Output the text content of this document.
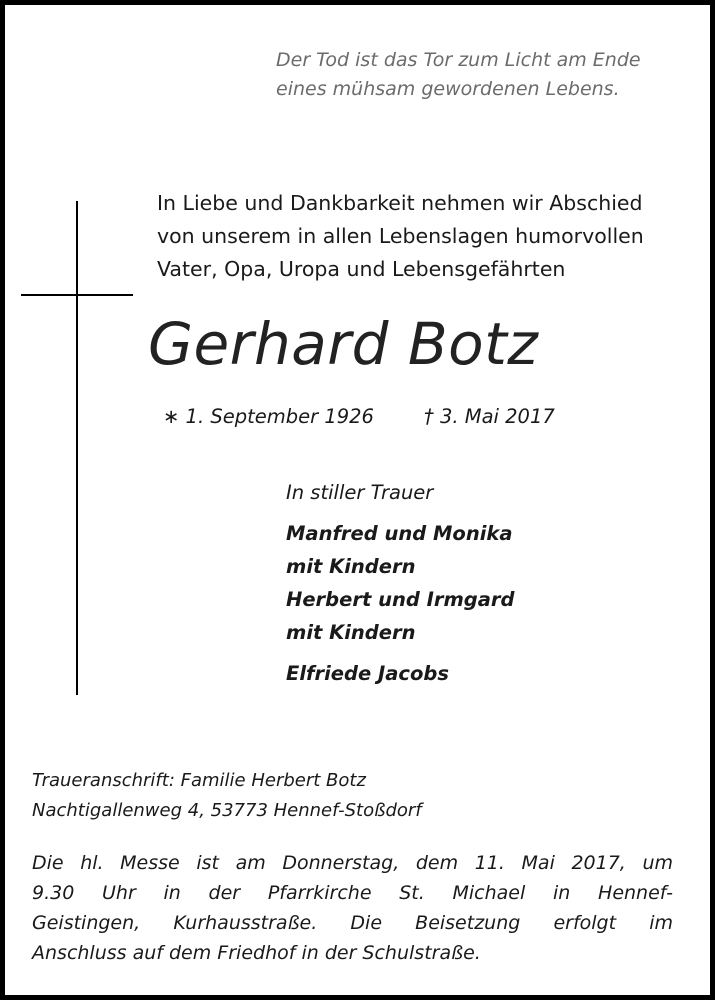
Der Tod ist das Tor zum Licht am Ende
eines mühsam gewordenen Lebens.
In Liebe und Dankbarkeit nehmen wir Abschied
von unserem in allen Lebenslagen humorvollen
Vater, Opa, Uropa und Lebensgefährten
Gerhard Botz
∗ 1. September 1926	† 3. Mai 2017
In stiller Trauer
Manfred und Monika
mit Kindern
Herbert und Irmgard
mit Kindern
Elfriede Jacobs
Traueranschrift: Familie Herbert Botz
Nachtigallenweg 4, 53773 Hennef-Stoßdorf
Die hl. Messe ist am Donnerstag, dem 11. Mai 2017, um
9.30 Uhr in der Pfarrkirche St. Michael in Hennef-
Geistingen, Kurhausstraße. Die Beisetzung erfolgt im
Anschluss auf dem Friedhof in der Schulstraße.
